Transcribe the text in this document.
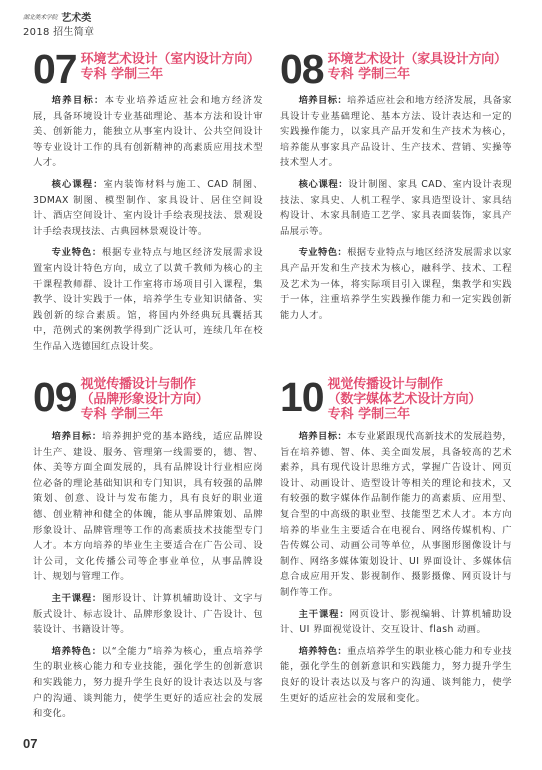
湖北美术学院 艺术类
2018 招生简章
07 环境艺术设计（室内设计方向）
专科 学制三年

培养目标：本专业培养适应社会和地方经济发展，具备环境设计专业基础理论、基本方法和设计审美、创新能力，能独立从事室内设计、公共空间设计等专业设计工作的具有创新精神的高素质应用技术型人才。

核心课程：室内装饰材料与施工、CAD 制图、3DMAX 制图、模型制作、家具设计、居住空间设计、酒店空间设计、室内设计手绘表现技法、景观设计手绘表现技法、古典园林景观设计等。

专业特色：根据专业特点与地区经济发展需求设置室内设计特色方向，成立了以黄千教师为核心的主干课程教师群、设计工作室将市场项目引入课程，集教学、设计实践于一体，培养学生专业知识储备、实践创新的综合素质。馆，将国内外经典玩具囊括其中，范例式的案例教学得到广泛认可，连续几年在校生作品入选德国红点设计奖。

08 环境艺术设计（家具设计方向）
专科 学制三年

培养目标：培养适应社会和地方经济发展，具备家具设计专业基础理论、基本方法、设计表达和一定的实践操作能力，以家具产品开发和生产技术为核心，培养能从事家具产品设计、生产技术、营销、实操等技术型人才。

核心课程：设计制图、家具 CAD、室内设计表现技法、家具史、人机工程学、家具造型设计、家具结构设计、木家具制造工艺学、家具表面装饰，家具产品展示等。

专业特色：根据专业特点与地区经济发展需求以家具产品开发和生产技术为核心，融科学、技术、工程及艺术为一体，将实际项目引入课程，集教学和实践于一体，注重培养学生实践操作能力和一定实践创新能力人才。

09 视觉传播设计与制作
（品牌形象设计方向）
专科 学制三年

培养目标：培养拥护党的基本路线，适应品牌设计生产、建设、服务、管理第一线需要的，德、智、体、美等方面全面发展的，具有品牌设计行业相应岗位必备的理论基础知识和专门知识，具有较强的品牌策划、创意、设计与发布能力，具有良好的职业道德、创业精神和健全的体魄，能从事品牌策划、品牌形象设计、品牌管理等工作的高素质技术技能型专门人才。本方向培养的毕业生主要适合在广告公司、设计公司，文化传播公司等企事业单位，从事品牌设计、规划与管理工作。

主干课程：图形设计、计算机辅助设计、文字与版式设计、标志设计、品牌形象设计、广告设计、包装设计、书籍设计等。

培养特色：以“全能力”培养为核心，重点培养学生的职业核心能力和专业技能，强化学生的创新意识和实践能力，努力提升学生良好的设计表达以及与客户的沟通、谈判能力，使学生更好的适应社会的发展和变化。

10 视觉传播设计与制作
（数字媒体艺术设计方向）
专科 学制三年

培养目标：本专业紧跟现代高新技术的发展趋势，旨在培养德、智、体、美全面发展，具备较高的艺术素养，具有现代设计思维方式，掌握广告设计、网页设计、动画设计、造型设计等相关的理论和技术，又有较强的数字媒体作品制作能力的高素质、应用型、复合型的中高级的职业型、技能型艺术人才。本方向培养的毕业生主要适合在电视台、网络传媒机构、广告传媒公司、动画公司等单位，从事图形图像设计与制作、网络多媒体策划设计、UI 界面设计、多媒体信息合成应用开发、影视制作、摄影摄像、网页设计与制作等工作。

主干课程：网页设计、影视编辑、计算机辅助设计、UI 界面视觉设计、交互设计、flash 动画。

培养特色：重点培养学生的职业核心能力和专业技能，强化学生的创新意识和实践能力，努力提升学生良好的设计表达以及与客户的沟通、谈判能力，使学生更好的适应社会的发展和变化。

07
